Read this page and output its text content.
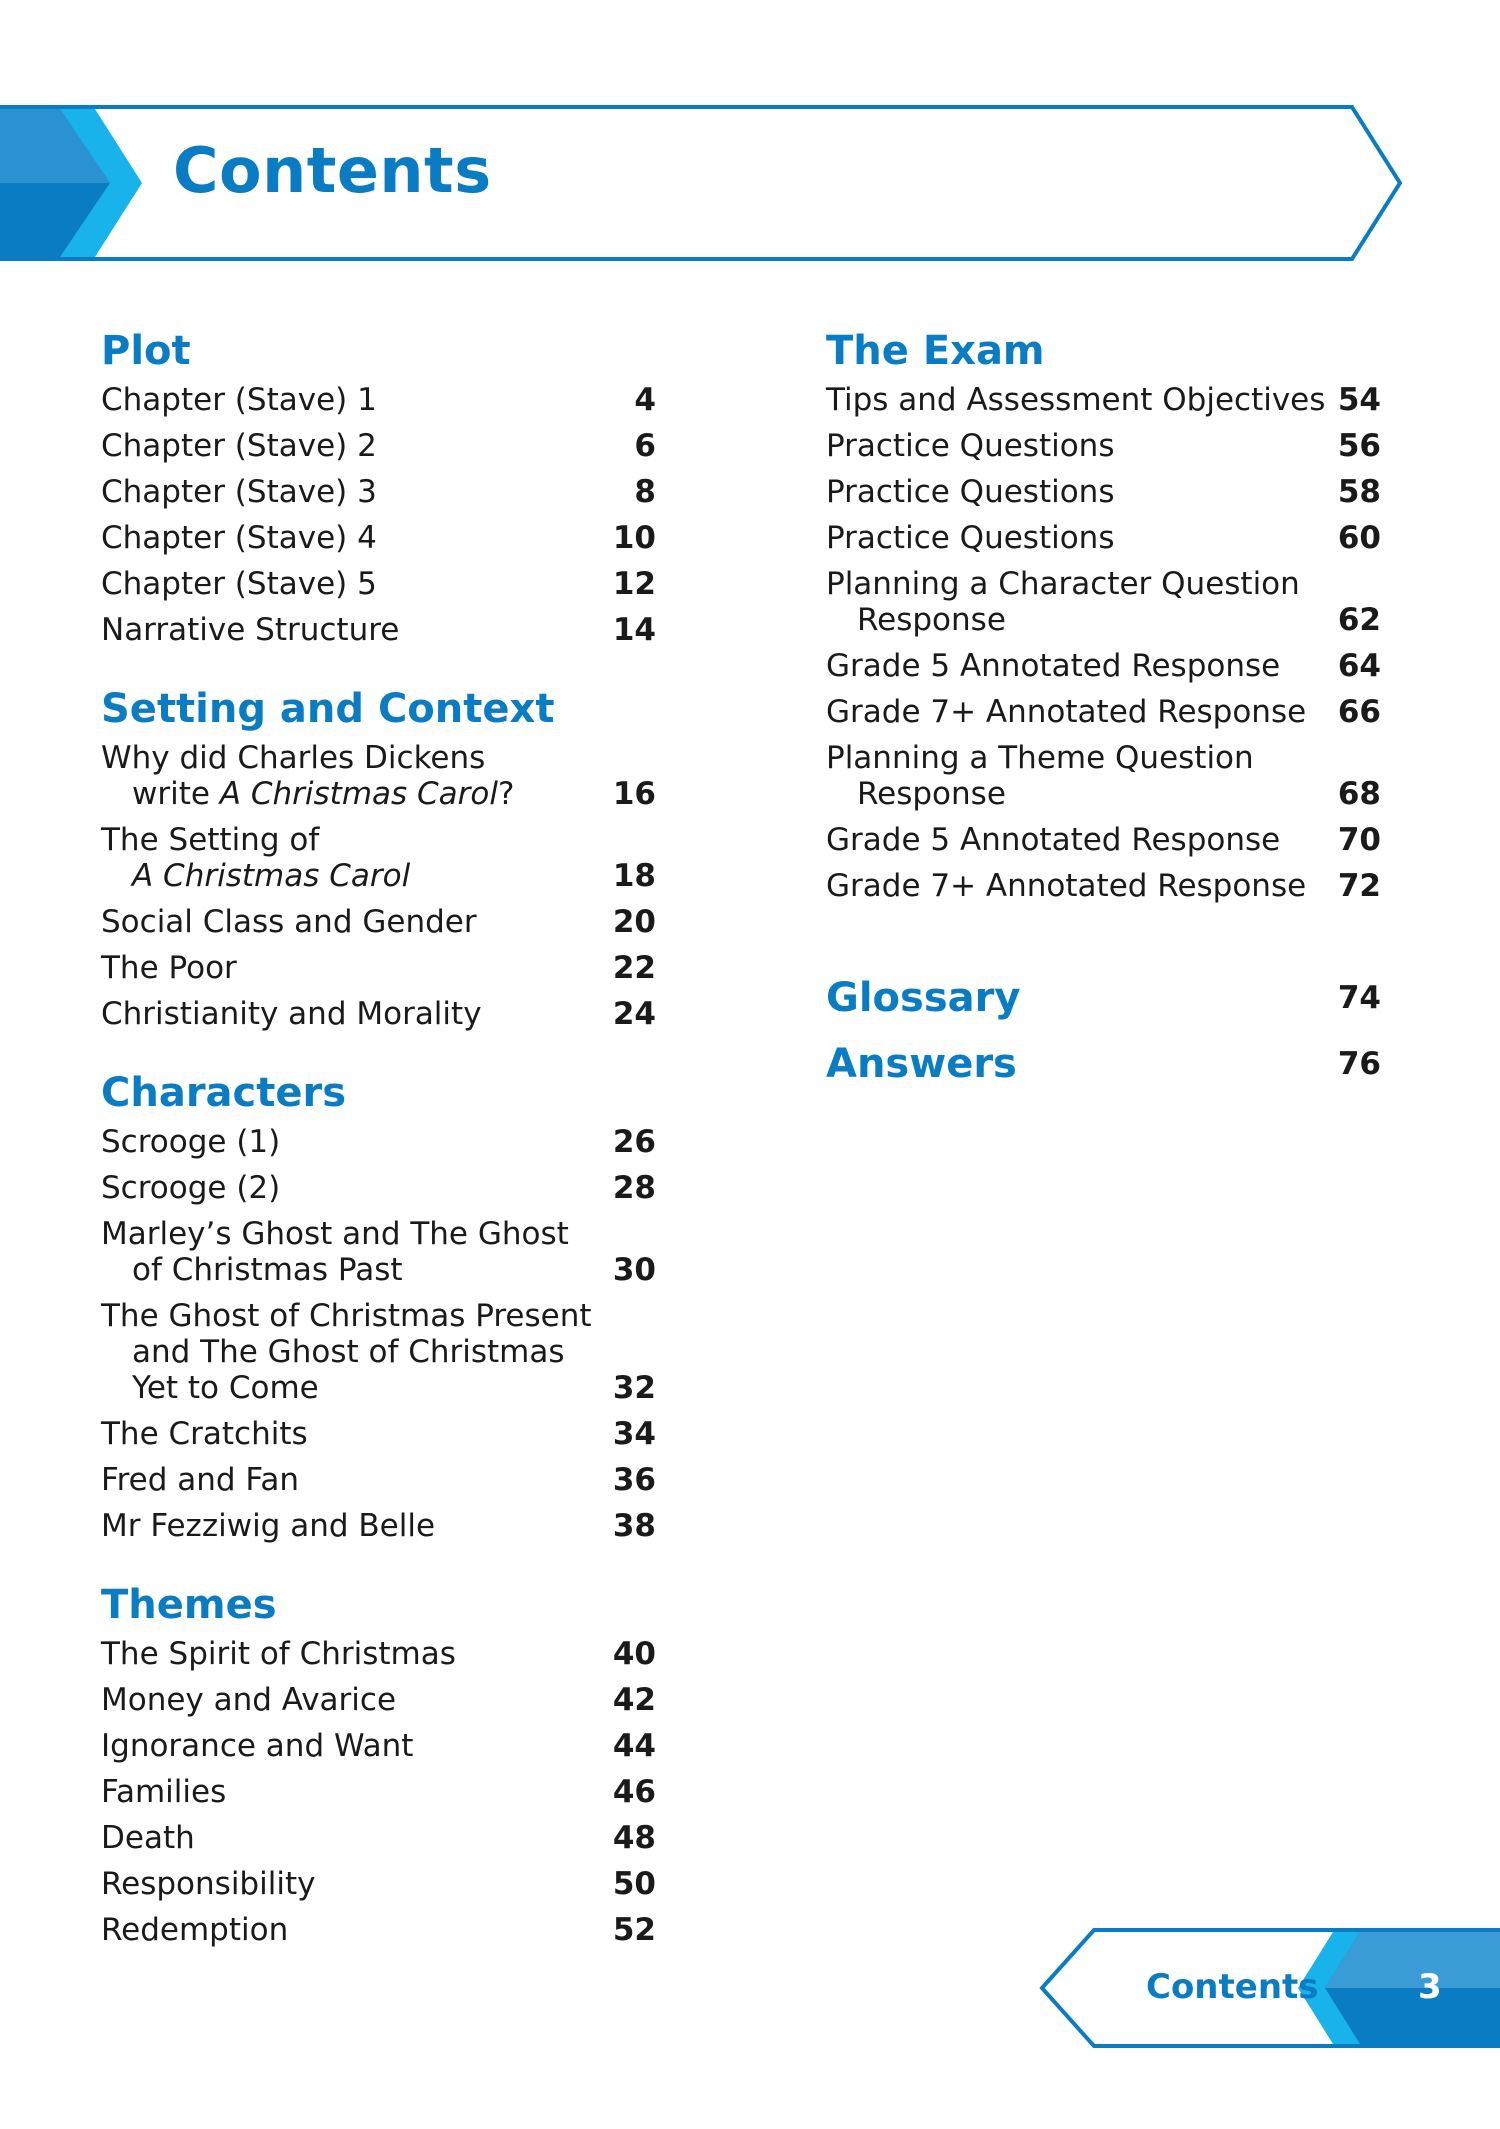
Contents
Plot
Chapter (Stave) 1	4
Chapter (Stave) 2	6
Chapter (Stave) 3	8
Chapter (Stave) 4	10
Chapter (Stave) 5	12
Narrative Structure	14
Setting and Context
Why did Charles Dickens
write A Christmas Carol?	16
The Setting of
A Christmas Carol	18
Social Class and Gender	20
The Poor	22
Christianity and Morality	24
Characters
Scrooge (1)	26
Scrooge (2)	28
Marley’s Ghost and The Ghost
of Christmas Past	30
The Ghost of Christmas Present
and The Ghost of Christmas
Yet to Come	32
The Cratchits	34
Fred and Fan	36
Mr Fezziwig and Belle	38
Themes
The Spirit of Christmas	40
Money and Avarice	42
Ignorance and Want	44
Families	46
Death	48
Responsibility	50
Redemption	52
The Exam
Tips and Assessment Objectives 54
Practice Questions	56
Practice Questions	58
Practice Questions	60
Planning a Character Question
Response	62
Grade 5 Annotated Response 64
Grade 7+ Annotated Response 66
Planning a Theme Question
Response	68
Grade 5 Annotated Response 70
Grade 7+ Annotated Response 72
Glossary	74
Answers	76
Contents	3
